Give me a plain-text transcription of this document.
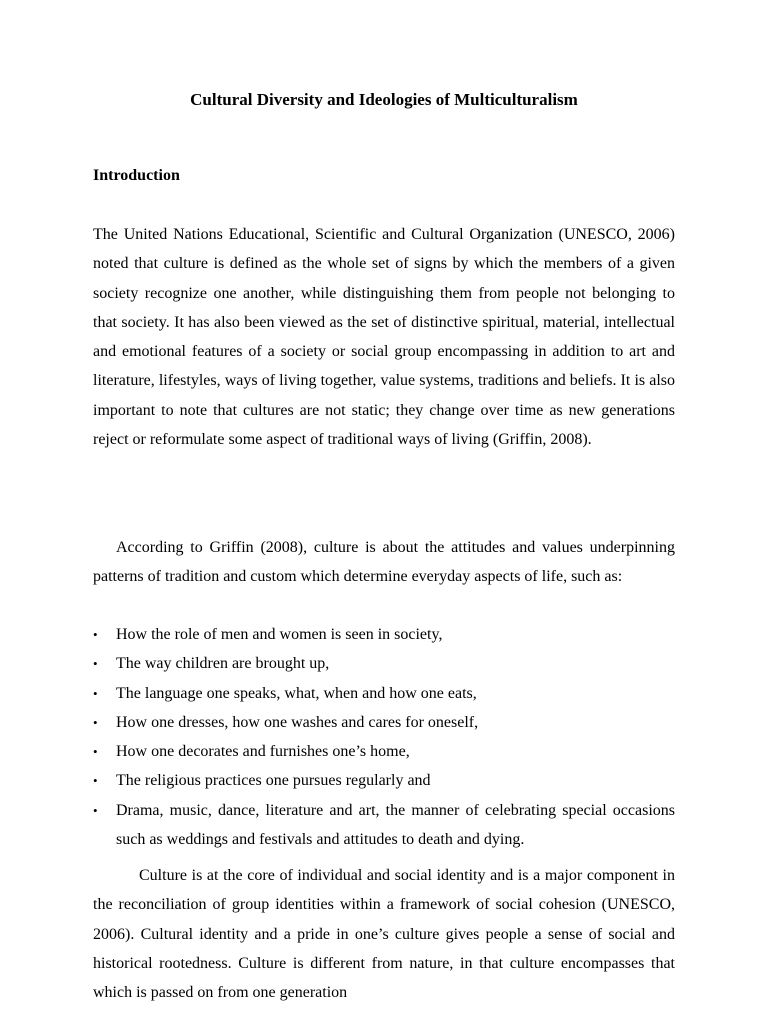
Cultural Diversity and Ideologies of Multiculturalism
Introduction

The United Nations Educational, Scientific and Cultural Organization (UNESCO, 2006) noted that culture is defined as the whole set of signs by which the members of a given society recognize one another, while distinguishing them from people not belonging to that society. It has also been viewed as the set of distinctive spiritual, material, intellectual and emotional features of a society or social group encompassing in addition to art and literature, lifestyles, ways of living together, value systems, traditions and beliefs. It is also important to note that cultures are not static; they change over time as new generations reject or reformulate some aspect of traditional ways of living (Griffin, 2008).

According to Griffin (2008), culture is about the attitudes and values underpinning patterns of tradition and custom which determine everyday aspects of life, such as:

• How the role of men and women is seen in society,
• The way children are brought up,
• The language one speaks, what, when and how one eats,
• How one dresses, how one washes and cares for oneself,
• How one decorates and furnishes one’s home,
• The religious practices one pursues regularly and
• Drama, music, dance, literature and art, the manner of celebrating special occasions such as weddings and festivals and attitudes to death and dying.

Culture is at the core of individual and social identity and is a major component in the reconciliation of group identities within a framework of social cohesion (UNESCO, 2006). Cultural identity and a pride in one’s culture gives people a sense of social and historical rootedness. Culture is different from nature, in that culture encompasses that which is passed on from one generation
